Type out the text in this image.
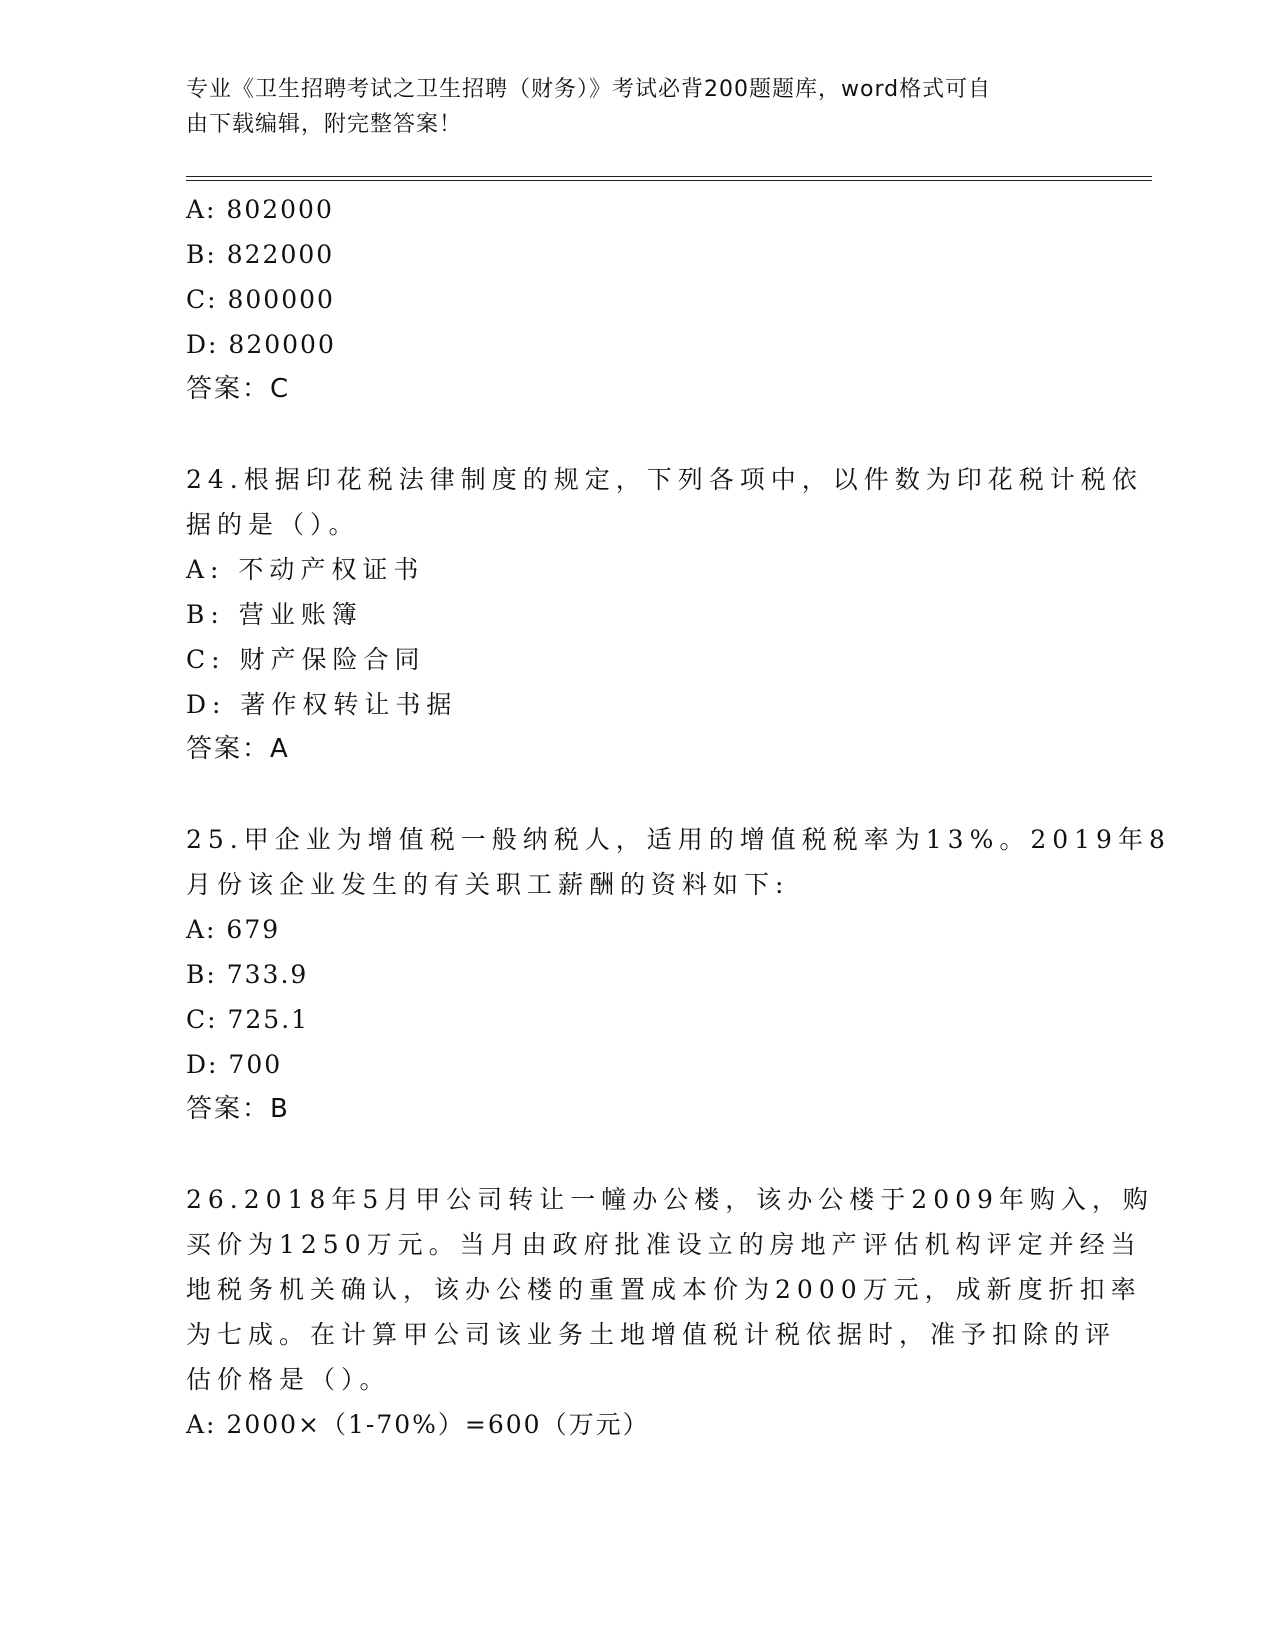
专业《卫生招聘考试之卫生招聘（财务）》考试必背200题题库，word格式可自
由下载编辑，附完整答案！
A: 802000
B: 822000
C: 800000
D: 820000
答案：C
24.根据印花税法律制度的规定，下列各项中，以件数为印花税计税依
据的是（）。
A: 不动产权证书
B: 营业账簿
C: 财产保险合同
D: 著作权转让书据
答案：A
25.甲企业为增值税一般纳税人，适用的增值税税率为13%。2019年8
月份该企业发生的有关职工薪酬的资料如下:
A: 679
B: 733.9
C: 725.1
D: 700
答案：B
26.2018年5月甲公司转让一幢办公楼，该办公楼于2009年购入，购
买价为1250万元。当月由政府批准设立的房地产评估机构评定并经当
地税务机关确认，该办公楼的重置成本价为2000万元，成新度折扣率
为七成。在计算甲公司该业务土地增值税计税依据时，准予扣除的评
估价格是（）。
A: 2000×（1-70%）=600（万元）
